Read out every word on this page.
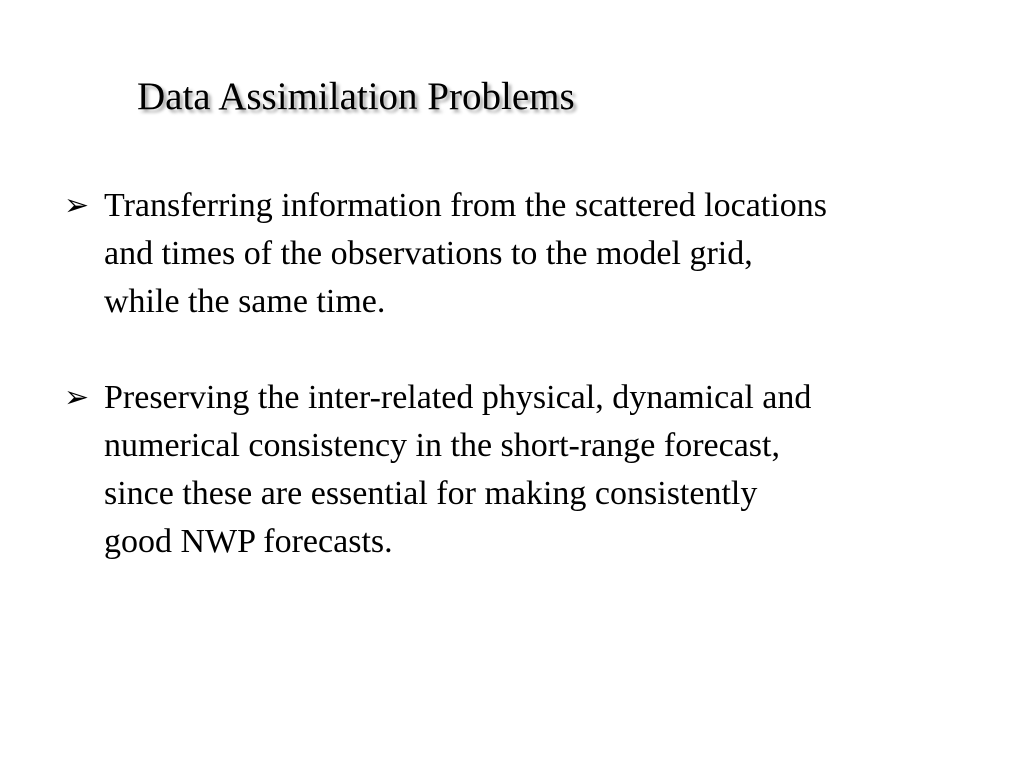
Data Assimilation Problems
➢ Transferring information from the scattered locations
and times of the observations to the model grid,
while the same time.
➢ Preserving the inter-related physical, dynamical and
numerical consistency in the short-range forecast,
since these are essential for making consistently
good NWP forecasts.
